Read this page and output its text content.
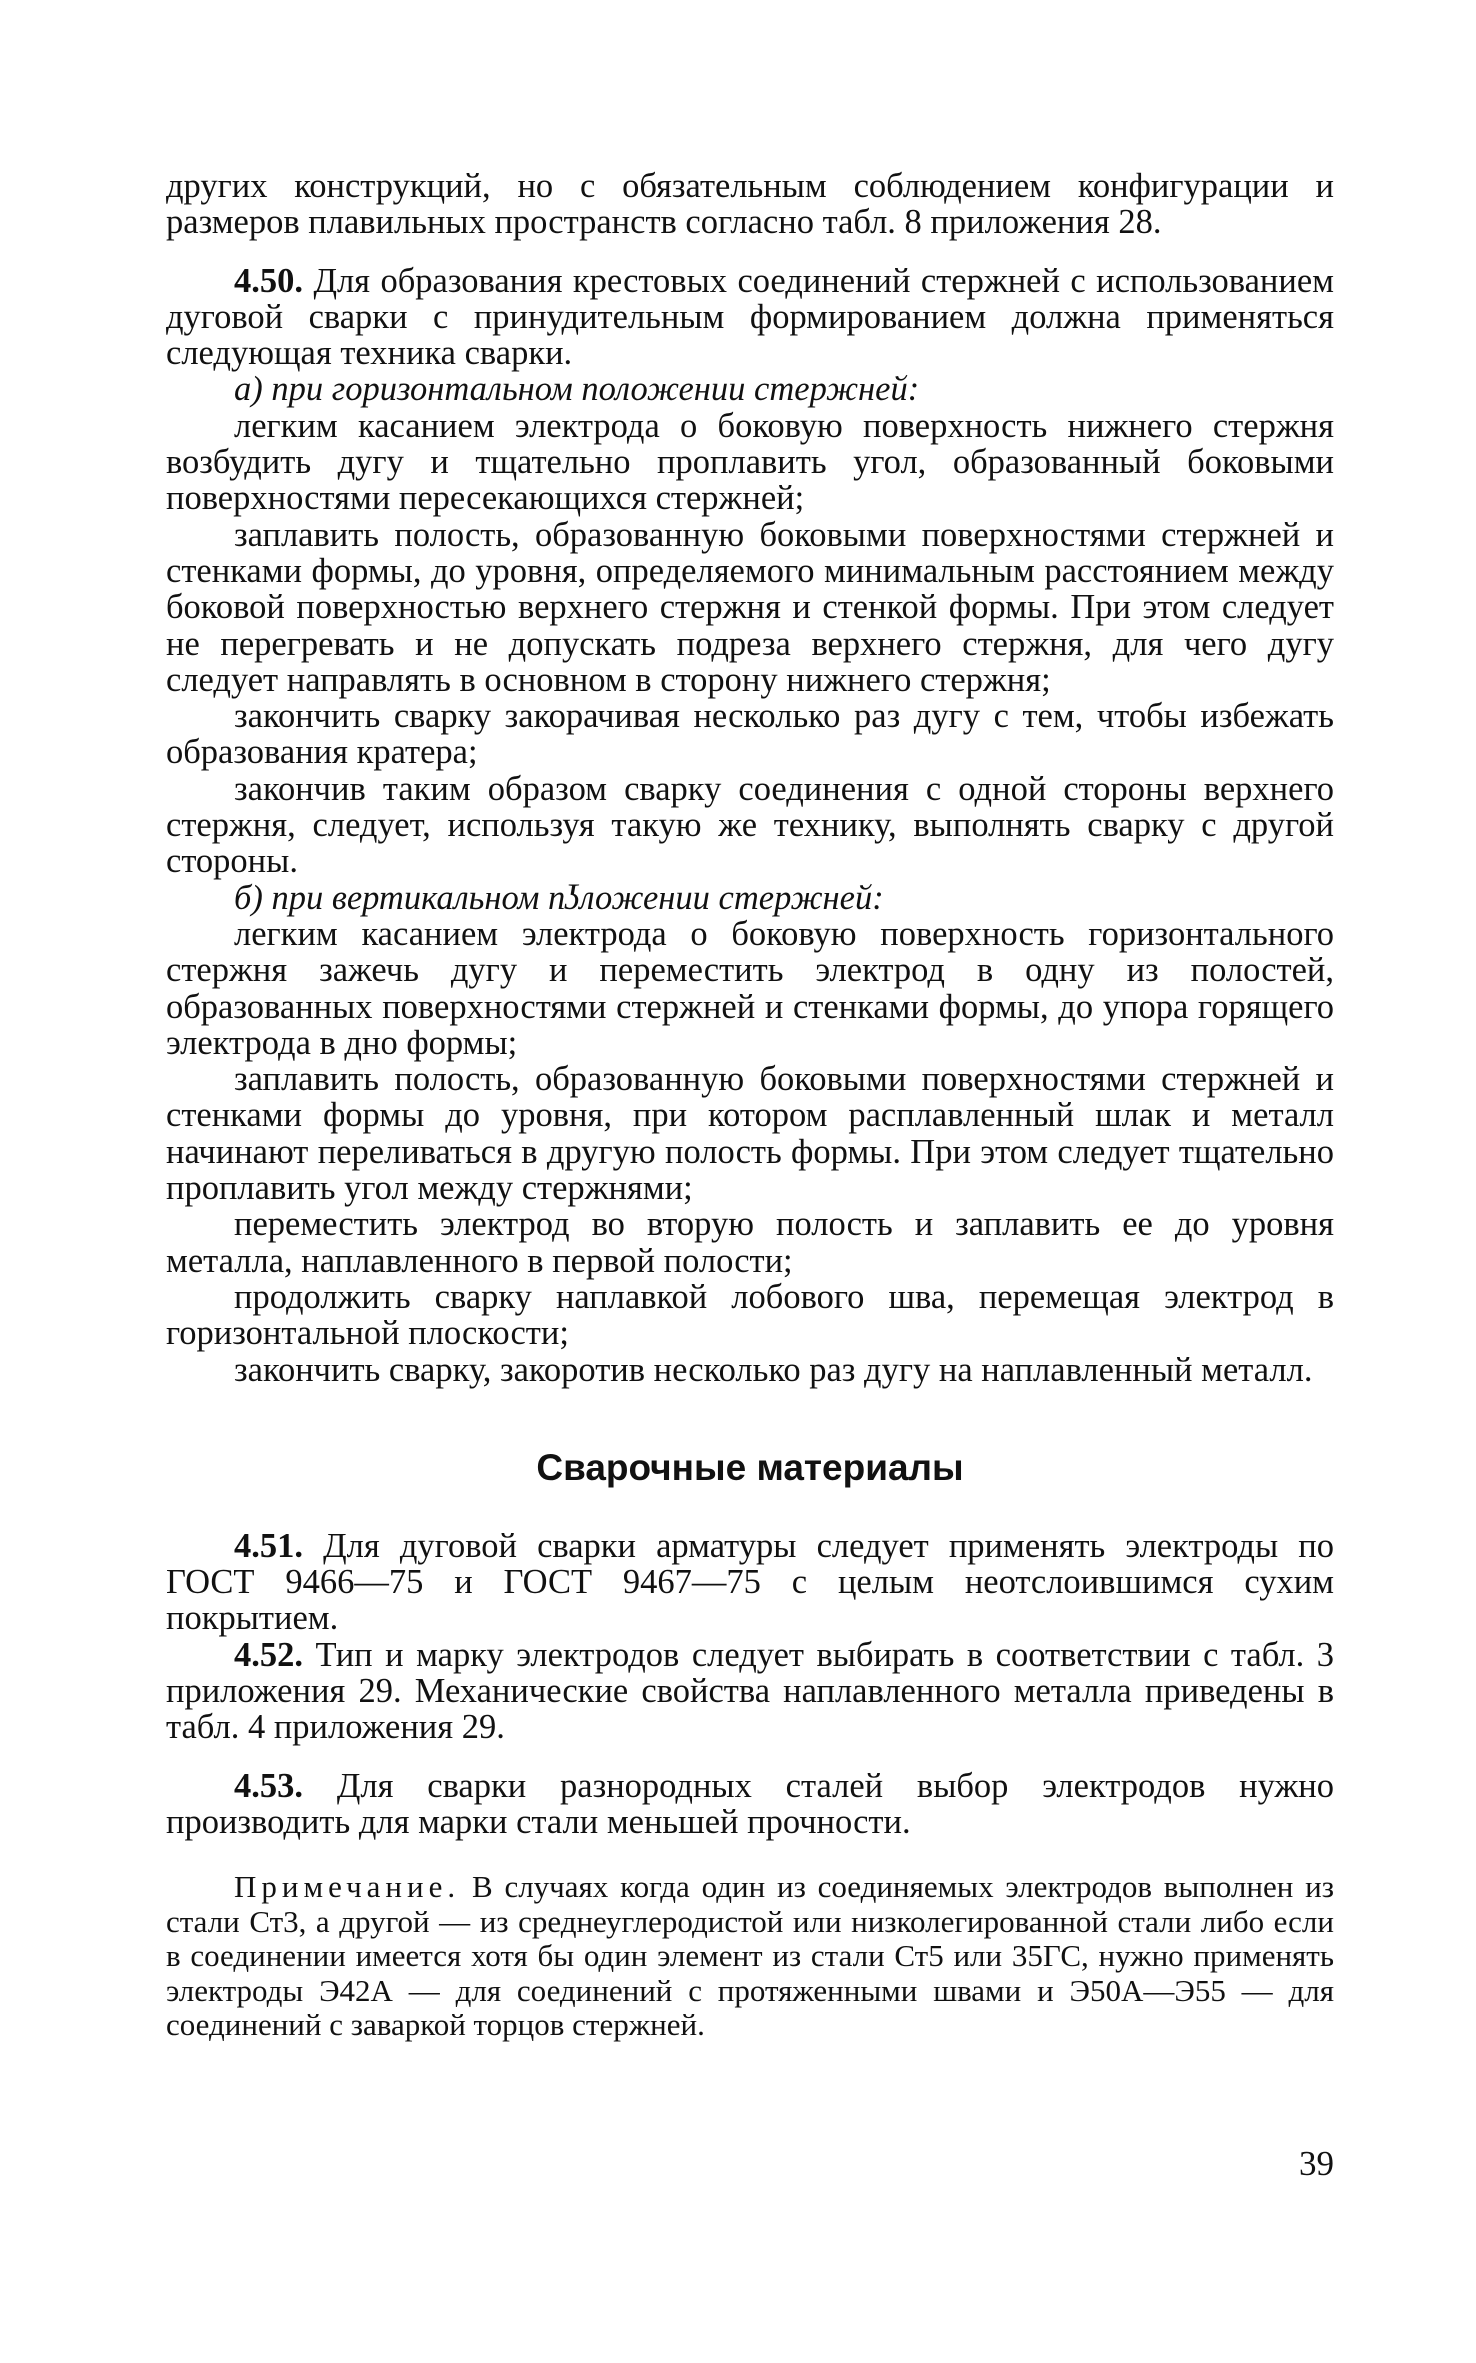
других конструкций, но с обязательным соблюдением конфигурации и размеров плавильных пространств согласно табл. 8 приложения 28.

4.50. Для образования крестовых соединений стержней с использованием дуговой сварки с принудительным формированием должна применяться следующая техника сварки.

а) при горизонтальном положении стержней:

легким касанием электрода о боковую поверхность нижнего стержня возбудить дугу и тщательно проплавить угол, образованный боковыми поверхностями пересекающихся стержней;

заплавить полость, образованную боковыми поверхностями стержней и стенками формы, до уровня, определяемого минимальным расстоянием между боковой поверхностью верхнего стержня и стенкой формы. При этом следует не перегревать и не допускать подреза верхнего стержня, для чего дугу следует направлять в основном в сторону нижнего стержня;

закончить сварку закорачивая несколько раз дугу с тем, чтобы избежать образования кратера;

закончив таким образом сварку соединения с одной стороны верхнего стержня, следует, используя такую же технику, выполнять сварку с другой стороны.

б) при вертикальном пʖложении стержней:

легким касанием электрода о боковую поверхность горизонтального стержня зажечь дугу и переместить электрод в одну из полостей, образованных поверхностями стержней и стенками формы, до упора горящего электрода в дно формы;

заплавить полость, образованную боковыми поверхностями стержней и стенками формы до уровня, при котором расплавленный шлак и металл начинают переливаться в другую полость формы. При этом следует тщательно проплавить угол между стержнями;

переместить электрод во вторую полость и заплавить ее до уровня металла, наплавленного в первой полости;

продолжить сварку наплавкой лобового шва, перемещая электрод в горизонтальной плоскости;

закончить сварку, закоротив несколько раз дугу на наплавленный металл.

Сварочные материалы

4.51. Для дуговой сварки арматуры следует применять электроды по ГОСТ 9466—75 и ГОСТ 9467—75 с целым неотслоившимся сухим покрытием.

4.52. Тип и марку электродов следует выбирать в соответствии с табл. 3 приложения 29. Механические свойства наплавленного металла приведены в табл. 4 приложения 29.

4.53. Для сварки разнородных сталей выбор электродов нужно производить для марки стали меньшей прочности.

Примечание. В случаях когда один из соединяемых электродов выполнен из стали Ст3, а другой — из среднеуглеродистой или низколегированной стали либо если в соединении имеется хотя бы один элемент из стали Ст5 или 35ГС, нужно применять электроды Э42А — для соединений с протяженными швами и Э50А—Э55 — для соединений с заваркой торцов стержней.

39
